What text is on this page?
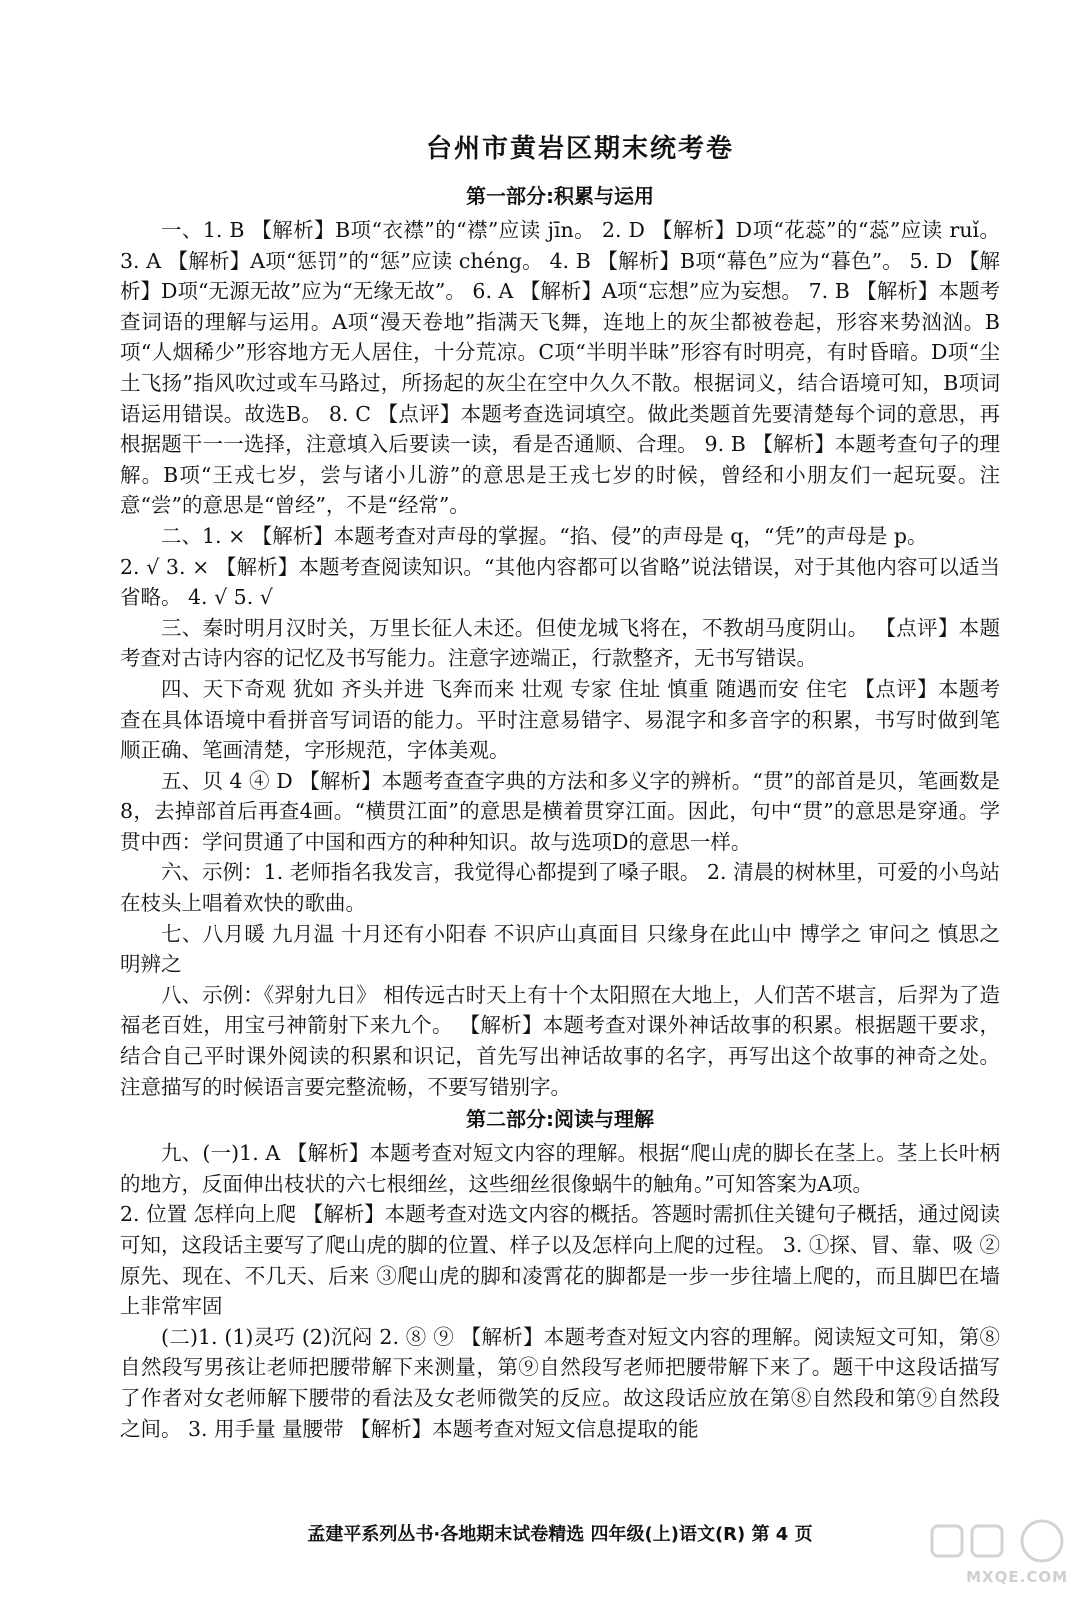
台州市黄岩区期末统考卷
第一部分:积累与运用

一、1. B 【解析】B项“衣襟”的“襟”应读 jīn。 2. D 【解析】D项“花蕊”的“蕊”应读 ruǐ。 3. A 【解析】A项“惩罚”的“惩”应读 chéng。 4. B 【解析】B项“幕色”应为“暮色”。 5. D 【解析】D项“无源无故”应为“无缘无故”。 6. A 【解析】A项“忘想”应为妄想。 7. B 【解析】本题考查词语的理解与运用。A项“漫天卷地”指满天飞舞，连地上的灰尘都被卷起，形容来势汹汹。B项“人烟稀少”形容地方无人居住，十分荒凉。C项“半明半昧”形容有时明亮，有时昏暗。D项“尘土飞扬”指风吹过或车马路过，所扬起的灰尘在空中久久不散。根据词义，结合语境可知，B项词语运用错误。故选B。 8. C 【点评】本题考查选词填空。做此类题首先要清楚每个词的意思，再根据题干一一选择，注意填入后要读一读，看是否通顺、合理。 9. B 【解析】本题考查句子的理解。B项“王戎七岁，尝与诸小儿游”的意思是王戎七岁的时候，曾经和小朋友们一起玩耍。注意“尝”的意思是“曾经”，不是“经常”。

二、1. × 【解析】本题考查对声母的掌握。“掐、侵”的声母是 q，“凭”的声母是 p。

2. √ 3. × 【解析】本题考查阅读知识。“其他内容都可以省略”说法错误，对于其他内容可以适当省略。 4. √ 5. √

三、秦时明月汉时关，万里长征人未还。但使龙城飞将在，不教胡马度阴山。 【点评】本题考查对古诗内容的记忆及书写能力。注意字迹端正，行款整齐，无书写错误。

四、天下奇观 犹如 齐头并进 飞奔而来 壮观 专家 住址 慎重 随遇而安 住宅 【点评】本题考查在具体语境中看拼音写词语的能力。平时注意易错字、易混字和多音字的积累，书写时做到笔顺正确、笔画清楚，字形规范，字体美观。

五、贝 4 ④ D 【解析】本题考查查字典的方法和多义字的辨析。“贯”的部首是贝，笔画数是8，去掉部首后再查4画。“横贯江面”的意思是横着贯穿江面。因此，句中“贯”的意思是穿通。学贯中西：学问贯通了中国和西方的种种知识。故与选项D的意思一样。

六、示例：1. 老师指名我发言，我觉得心都提到了嗓子眼。 2. 清晨的树林里，可爱的小鸟站在枝头上唱着欢快的歌曲。

七、八月暖 九月温 十月还有小阳春 不识庐山真面目 只缘身在此山中 博学之 审问之 慎思之 明辨之

八、示例：《羿射九日》 相传远古时天上有十个太阳照在大地上，人们苦不堪言，后羿为了造福老百姓，用宝弓神箭射下来九个。 【解析】本题考查对课外神话故事的积累。根据题干要求，结合自己平时课外阅读的积累和识记，首先写出神话故事的名字，再写出这个故事的神奇之处。注意描写的时候语言要完整流畅，不要写错别字。

第二部分:阅读与理解

九、(一)1. A 【解析】本题考查对短文内容的理解。根据“爬山虎的脚长在茎上。茎上长叶柄的地方，反面伸出枝状的六七根细丝，这些细丝很像蜗牛的触角。”可知答案为A项。

2. 位置 怎样向上爬 【解析】本题考查对选文内容的概括。答题时需抓住关键句子概括，通过阅读可知，这段话主要写了爬山虎的脚的位置、样子以及怎样向上爬的过程。 3. ①探、冒、靠、吸 ②原先、现在、不几天、后来 ③爬山虎的脚和凌霄花的脚都是一步一步往墙上爬的，而且脚巴在墙上非常牢固

(二)1. (1)灵巧 (2)沉闷 2. ⑧ ⑨ 【解析】本题考查对短文内容的理解。阅读短文可知，第⑧自然段写男孩让老师把腰带解下来测量，第⑨自然段写老师把腰带解下来了。题干中这段话描写了作者对女老师解下腰带的看法及女老师微笑的反应。故这段话应放在第⑧自然段和第⑨自然段之间。 3. 用手量 量腰带 【解析】本题考查对短文信息提取的能

孟建平系列丛书·各地期末试卷精选 四年级(上)语文(R) 第 4 页
MXQE.COM
